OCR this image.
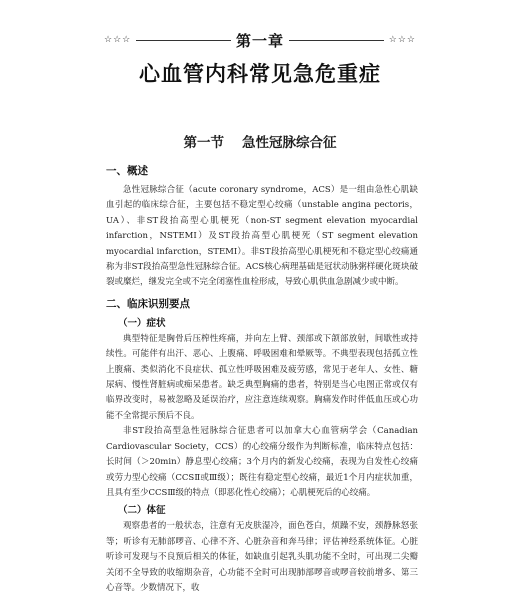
☆☆☆	第一章	☆☆☆
心血管内科常见急危重症
第一节 急性冠脉综合征
一、概述

急性冠脉综合征（acute coronary syndrome，ACS）是一组由急性心肌缺血引起的临床综合征，主要包括不稳定型心绞痛（unstable angina pectoris，UA）、非ST段抬高型心肌梗死（non-ST segment elevation myocardial infarction，NSTEMI）及ST段抬高型心肌梗死（ST segment elevation myocardial infarction，STEMI）。非ST段抬高型心肌梗死和不稳定型心绞痛通称为非ST段抬高型急性冠脉综合征。ACS核心病理基础是冠状动脉粥样硬化斑块破裂或糜烂，继发完全或不完全闭塞性血栓形成，导致心肌供血急剧减少或中断。

二、临床识别要点
（一）症状

典型特征是胸骨后压榨性疼痛，并向左上臂、颈部或下颌部放射，间歇性或持续性。可能伴有出汗、恶心、上腹痛、呼吸困难和晕厥等。不典型表现包括孤立性上腹痛、类似消化不良症状、孤立性呼吸困难及疲劳感，常见于老年人、女性、糖尿病、慢性肾脏病或痴呆患者。缺乏典型胸痛的患者，特别是当心电图正常或仅有临界改变时，易被忽略及延误治疗，应注意连续观察。胸痛发作时伴低血压或心功能不全常提示预后不良。

非ST段抬高型急性冠脉综合征患者可以加拿大心血管病学会（Canadian Cardiovascular Society，CCS）的心绞痛分级作为判断标准，临床特点包括：长时间（＞20min）静息型心绞痛；3个月内的新发心绞痛，表现为自发性心绞痛或劳力型心绞痛（CCSⅡ或Ⅲ级）；既往有稳定型心绞痛，最近1个月内症状加重，且具有至少CCSⅢ级的特点（即恶化性心绞痛）；心肌梗死后的心绞痛。

（二）体征

观察患者的一般状态，注意有无皮肤湿冷，面色苍白，烦躁不安，颈静脉怒张等；听诊有无肺部啰音、心律不齐、心脏杂音和奔马律；评估神经系统体征。心脏听诊可发现与不良预后相关的体征，如缺血引起乳头肌功能不全时，可出现二尖瓣关闭不全导致的收缩期杂音，心功能不全时可出现肺部啰音或啰音较前增多、第三心音等。少数情况下，收
